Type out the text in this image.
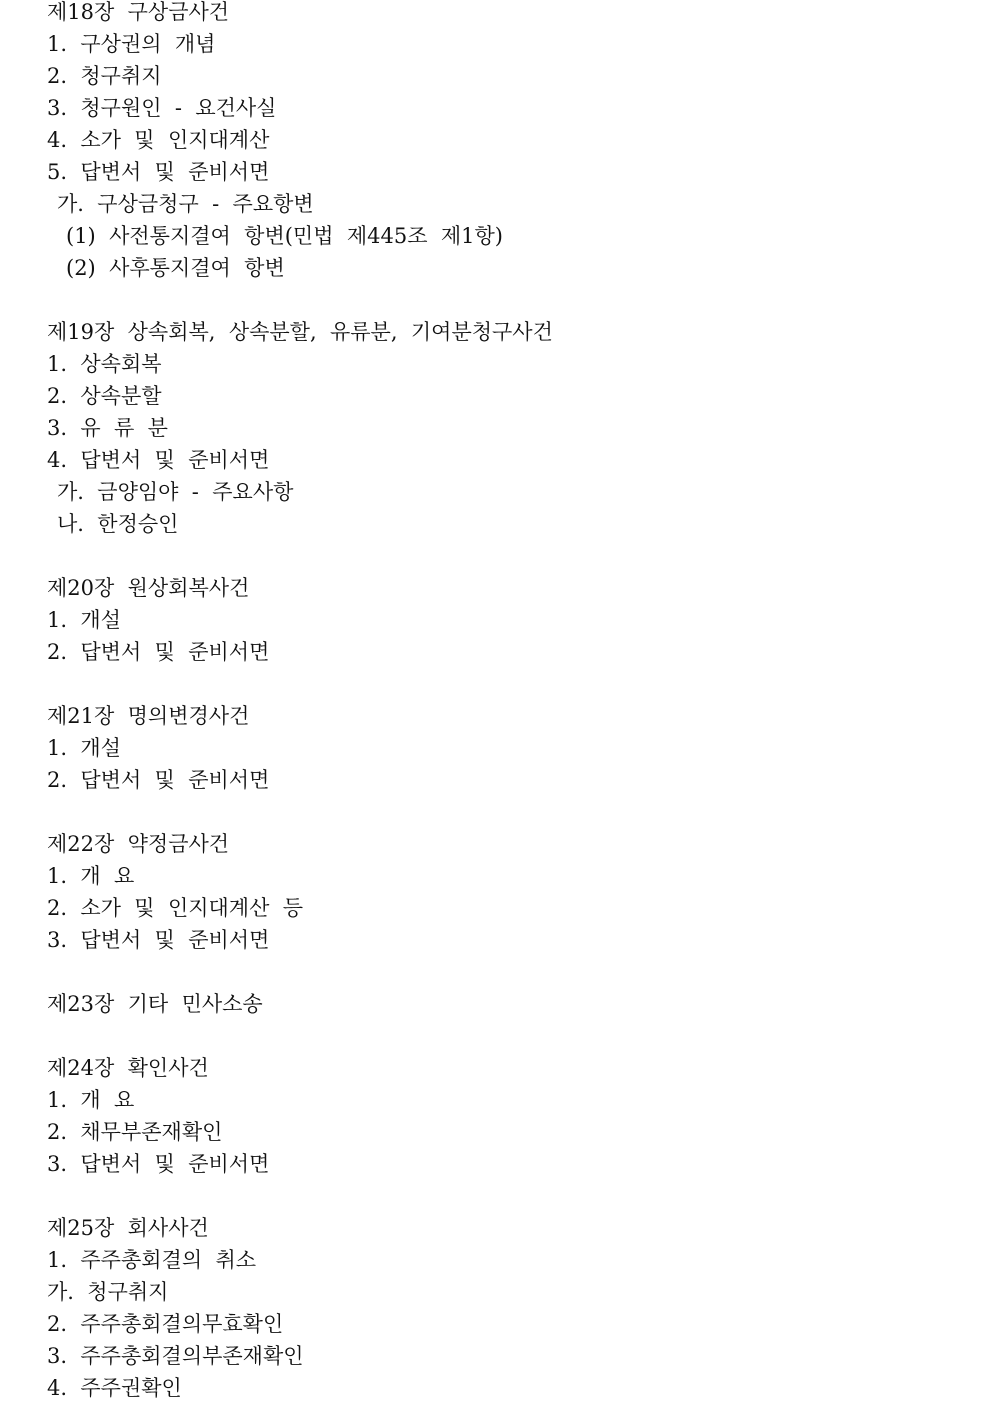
제18장  구상금사건
1.  구상권의  개념
2.  청구취지
3.  청구원인  -  요건사실
4.  소가  및  인지대계산
5.  답변서  및  준비서면
가.  구상금청구  -  주요항변
(1)  사전통지결여  항변(민법  제445조  제1항)
(2)  사후통지결여  항변
제19장  상속회복,  상속분할,  유류분,  기여분청구사건
1.  상속회복
2.  상속분할
3.  유  류  분
4.  답변서  및  준비서면
가.  금양임야  -  주요사항
나.  한정승인
제20장  원상회복사건
1.  개설
2.  답변서  및  준비서면
제21장  명의변경사건
1.  개설
2.  답변서  및  준비서면
제22장  약정금사건
1.  개  요
2.  소가  및  인지대계산  등
3.  답변서  및  준비서면
제23장  기타  민사소송
제24장  확인사건
1.  개  요
2.  채무부존재확인
3.  답변서  및  준비서면
제25장  회사사건
1.  주주총회결의  취소
가.  청구취지
2.  주주총회결의무효확인
3.  주주총회결의부존재확인
4.  주주권확인
